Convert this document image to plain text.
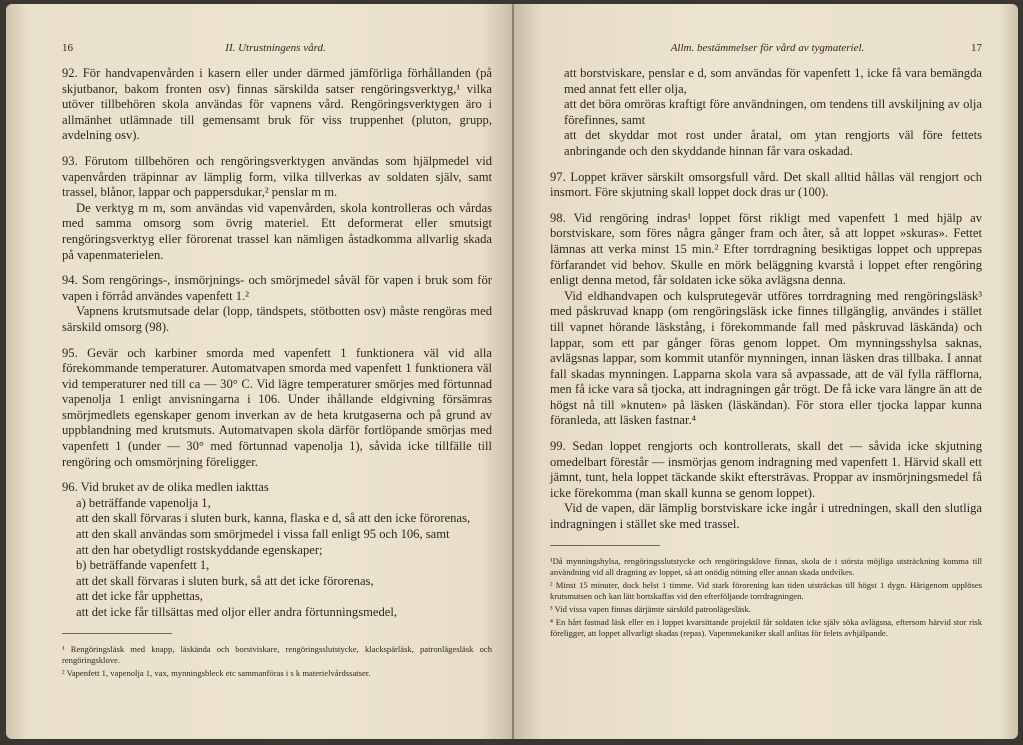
16	II. Utrustningens vård.

92. För handvapenvården i kasern eller under därmed jämförliga förhållanden (på skjutbanor, bakom fronten osv) finnas särskilda satser rengöringsverktyg,¹ vilka utöver tillbehören skola användas för vapnens vård. Rengöringsverktygen äro i allmänhet utlämnade till gemensamt bruk för viss truppenhet (pluton, grupp, avdelning osv).

93. Förutom tillbehören och rengöringsverktygen användas som hjälpmedel vid vapenvården träpinnar av lämplig form, vilka tillverkas av soldaten själv, samt trassel, blånor, lappar och pappersdukar,² penslar m m.

De verktyg m m, som användas vid vapenvården, skola kontrolleras och vårdas med samma omsorg som övrig materiel. Ett deformerat eller smutsigt rengöringsverktyg eller förorenat trassel kan nämligen åstadkomma allvarlig skada på vapenmaterielen.

94. Som rengörings-, insmörjnings- och smörjmedel såväl för vapen i bruk som för vapen i förråd användes vapenfett 1.²

Vapnens krutsmutsade delar (lopp, tändspets, stötbotten osv) måste rengöras med särskild omsorg (98).

95. Gevär och karbiner smorda med vapenfett 1 funktionera väl vid alla förekommande temperaturer. Automatvapen smorda med vapenfett 1 funktionera väl vid temperaturer ned till ca — 30° C. Vid lägre temperaturer smörjes med förtunnad vapenolja 1 enligt anvisningarna i 106. Under ihållande eldgivning försämras smörjmedlets egenskaper genom inverkan av de heta krutgaserna och på grund av uppblandning med krutsmuts. Automatvapen skola därför fortlöpande smörjas med vapenfett 1 (under — 30° med förtunnad vapenolja 1), såvida icke tillfälle till rengöring och omsmörjning föreligger.

96. Vid bruket av de olika medlen iakttas

a) beträffande vapenolja 1,

att den skall förvaras i sluten burk, kanna, flaska e d, så att den icke förorenas,

att den skall användas som smörjmedel i vissa fall enligt 95 och 106, samt

att den har obetydligt rostskyddande egenskaper;

b) beträffande vapenfett 1,

att det skall förvaras i sluten burk, så att det icke förorenas,

att det icke får upphettas,

att det icke får tillsättas med oljor eller andra förtunningsmedel,

¹ Rengöringsläsk med knapp, läskända och borstviskare, rengöringsslutstycke, klackspärläsk, patronlägesläsk och rengöringsklove.

² Vapenfett 1, vapenolja 1, vax, mynningsbleck etc sammanföras i s k materielvårdssatser.

Allm. bestämmelser för vård av tygmateriel.	17

att borstviskare, penslar e d, som användas för vapenfett 1, icke få vara bemängda med annat fett eller olja,

att det böra omröras kraftigt före användningen, om tendens till avskiljning av olja förefinnes, samt

att det skyddar mot rost under åratal, om ytan rengjorts väl före fettets anbringande och den skyddande hinnan får vara oskadad.

97. Loppet kräver särskilt omsorgsfull vård. Det skall alltid hållas väl rengjort och insmort. Före skjutning skall loppet dock dras ur (100).

98. Vid rengöring indras¹ loppet först rikligt med vapenfett 1 med hjälp av borstviskare, som föres några gånger fram och åter, så att loppet »skuras». Fettet lämnas att verka minst 15 min.² Efter torrdragning besiktigas loppet och upprepas förfarandet vid behov. Skulle en mörk beläggning kvarstå i loppet efter rengöring enligt denna metod, får soldaten icke söka avlägsna denna.

Vid eldhandvapen och kulsprutegevär utföres torrdragning med rengöringsläsk³ med påskruvad knapp (om rengöringsläsk icke finnes tillgänglig, användes i stället till vapnet hörande läskstång, i förekommande fall med påskruvad läskända) och lappar, som ett par gånger föras genom loppet. Om mynningsshylsa saknas, avlägsnas lappar, som kommit utanför mynningen, innan läsken dras tillbaka. I annat fall skadas mynningen. Lapparna skola vara så avpassade, att de väl fylla räfflorna, men få icke vara så tjocka, att indragningen går trögt. De få icke vara längre än att de högst nå till »knuten» på läsken (läskändan). För stora eller tjocka lappar kunna föranleda, att läsken fastnar.⁴

99. Sedan loppet rengjorts och kontrollerats, skall det — såvida icke skjutning omedelbart förestår — insmörjas genom indragning med vapenfett 1. Härvid skall ett jämnt, tunt, hela loppet täckande skikt eftersträvas. Proppar av insmörjningsmedel få icke förekomma (man skall kunna se genom loppet).

Vid de vapen, där lämplig borstviskare icke ingår i utredningen, skall den slutliga indragningen i stället ske med trassel.

¹Då mynningshylsa, rengöringsslutstycke och rengöringsklove finnas, skola de i största möjliga utsträckning komma till användning vid all dragning av loppet, så att onödig nötning eller annan skada undvikes.

² Minst 15 minuter, dock helst 1 timme. Vid stark förorening kan tiden utsträckas till högst 1 dygn. Härigenom upplöses krutsmutsen och kan lätt bortskaffas vid den efterföljande torrdragningen.

³ Vid vissa vapen finnas därjämte särskild patronlägesläsk.

⁴ En hårt fastnad läsk eller en i loppet kvarsittande projektil får soldaten icke själv söka avlägsna, eftersom härvid stor risk föreligger, att loppet allvarligt skadas (repas). Vapenmekaniker skall anlitas för felets avhjälpande.
